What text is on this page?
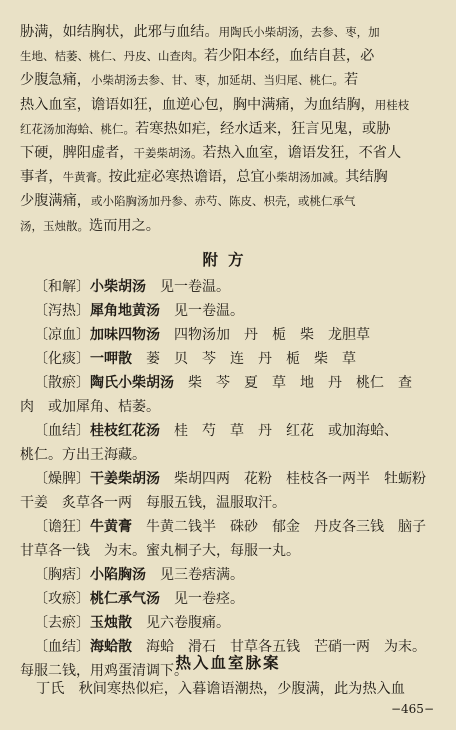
胁满，如结胸状，此邪与血结。用陶氏小柴胡汤，去参、枣，加
生地、桔萎、桃仁、丹皮、山查肉。若少阳本经，血结自甚，必
少腹急痛，小柴胡汤去参、甘、枣，加延胡、当归尾、桃仁。若
热入血室，谵语如狂，血逆心包，胸中满痛，为血结胸，用桂枝
红花汤加海蛤、桃仁。若寒热如疟，经水适来，狂言见鬼，或胁
下硬，脾阳虚者，干姜柴胡汤。若热入血室，谵语发狂，不省人
事者，牛黄膏。按此症必寒热谵语，总宜小柴胡汤加减。其结胸
少腹满痛，或小陷胸汤加丹参、赤芍、陈皮、枳壳，或桃仁承气
汤，玉烛散。选而用之。
附方
〔和解〕小柴胡汤　 见一卷温。
〔泻热〕犀角地黄汤　 见一卷温。
〔凉血〕加味四物汤　 四物汤加　丹　栀　柴　龙胆草
〔化痰〕一呷散　 蒌　贝　芩　连　丹　栀　柴　草
〔散瘀〕陶氏小柴胡汤　 柴　芩　夏　草　地　丹　桃仁　查
肉　或加犀角、桔萎。
〔血结〕桂枝红花汤　 桂　芍　草　丹　红花　或加海蛤、
桃仁。方出王海藏。
〔燥脾〕干姜柴胡汤　 柴胡四两　花粉　桂枝各一两半　牡蛎粉
干姜　炙草各一两　每服五钱，温服取汗。
〔谵狂〕牛黄膏　 牛黄二钱半　硃砂　郁金　丹皮各三钱　脑子
甘草各一钱　为末。蜜丸桐子大，每服一丸。
〔胸痞〕小陷胸汤　 见三卷痞满。
〔攻瘀〕桃仁承气汤　 见一卷痉。
〔去瘀〕玉烛散　 见六卷腹痛。
〔血结〕海蛤散　 海蛤　滑石　甘草各五钱　芒硝一两　为末。
每服二钱，用鸡蛋清调下。
热入血室脉案
丁氏　秋间寒热似疟，入暮谵语潮热，少腹满，此为热入血
−465−
